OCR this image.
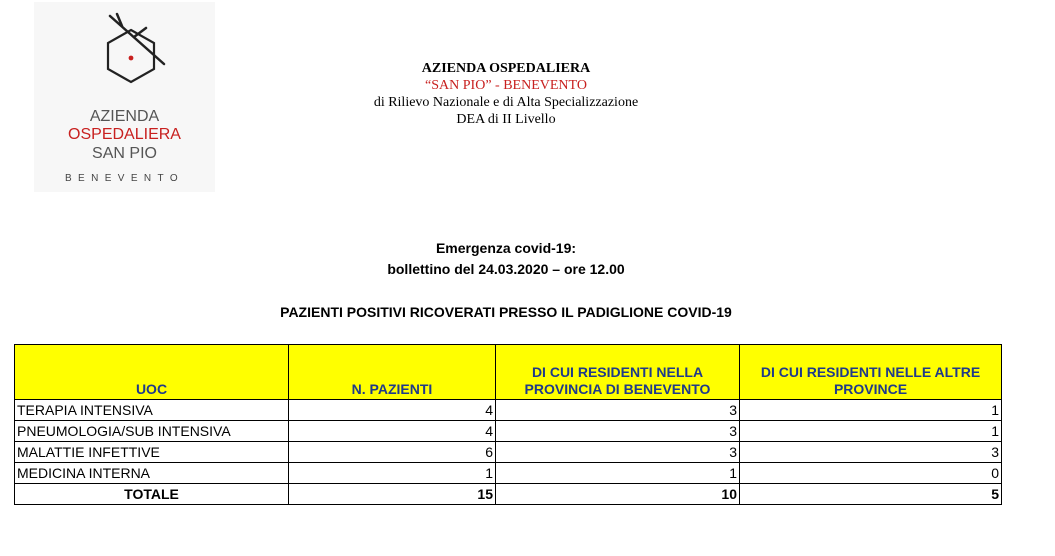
AZIENDA
OSPEDALIERA
SAN PIO
BENEVENTO
AZIENDA OSPEDALIERA
“SAN PIO” - BENEVENTO
di Rilievo Nazionale e di Alta Specializzazione
DEA di II Livello
Emergenza covid-19:
bollettino del 24.03.2020 – ore 12.00
PAZIENTI POSITIVI RICOVERATI PRESSO IL PADIGLIONE COVID-19
UOC	N. PAZIENTI	DI CUI RESIDENTI NELLA PROVINCIA DI BENEVENTO	DI CUI RESIDENTI NELLE ALTRE PROVINCE
TERAPIA INTENSIVA	4	3	1
PNEUMOLOGIA/SUB INTENSIVA	4	3	1
MALATTIE INFETTIVE	6	3	3
MEDICINA INTERNA	1	1	0
TOTALE	15	10	5
